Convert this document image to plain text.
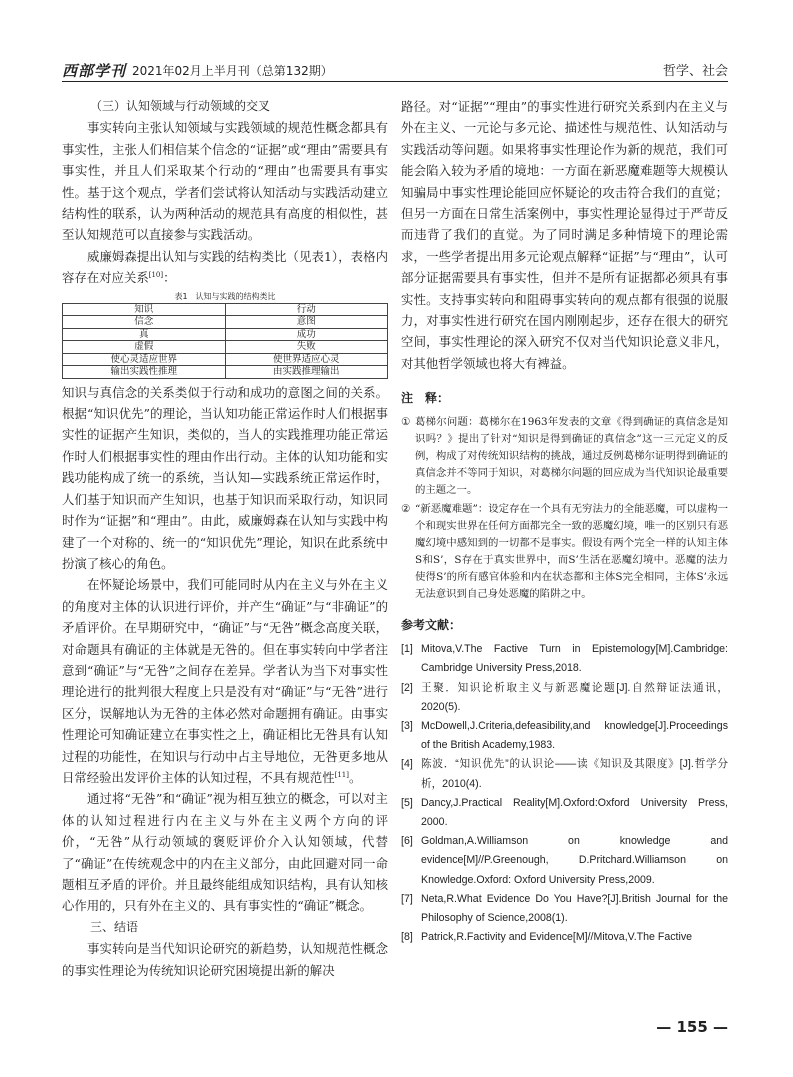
西部学刊 2021年02月上半月刊（总第132期）	哲学、社会
（三）认知领域与行动领域的交叉
事实转向主张认知领域与实践领域的规范性概念都具有事实性，主张人们相信某个信念的“证据”或“理由”需要具有事实性，并且人们采取某个行动的“理由”也需要具有事实性。基于这个观点，学者们尝试将认知活动与实践活动建立结构性的联系，认为两种活动的规范具有高度的相似性，甚至认知规范可以直接参与实践活动。
威廉姆森提出认知与实践的结构类比（见表1），表格内容存在对应关系[10]：
表1　认知与实践的结构类比
知识	行动
信念	意图
真	成功
虚假	失败
使心灵适应世界	使世界适应心灵
输出实践性推理	由实践推理输出
知识与真信念的关系类似于行动和成功的意图之间的关系。根据“知识优先”的理论，当认知功能正常运作时人们根据事实性的证据产生知识，类似的，当人的实践推理功能正常运作时人们根据事实性的理由作出行动。主体的认知功能和实践功能构成了统一的系统，当认知—实践系统正常运作时，人们基于知识而产生知识，也基于知识而采取行动，知识同时作为“证据”和“理由”。由此，威廉姆森在认知与实践中构建了一个对称的、统一的“知识优先”理论，知识在此系统中扮演了核心的角色。
在怀疑论场景中，我们可能同时从内在主义与外在主义的角度对主体的认识进行评价，并产生“确证”与“非确证”的矛盾评价。在早期研究中，“确证”与“无咎”概念高度关联，对命题具有确证的主体就是无咎的。但在事实转向中学者注意到“确证”与“无咎”之间存在差异。学者认为当下对事实性理论进行的批判很大程度上只是没有对“确证”与“无咎”进行区分，误解地认为无咎的主体必然对命题拥有确证。由事实性理论可知确证建立在事实性之上，确证相比无咎具有认知过程的功能性，在知识与行动中占主导地位，无咎更多地从日常经验出发评价主体的认知过程，不具有规范性[11]。
通过将“无咎”和“确证”视为相互独立的概念，可以对主体的认知过程进行内在主义与外在主义两个方向的评价，“无咎”从行动领域的褒贬评价介入认知领域，代替了“确证”在传统观念中的内在主义部分，由此回避对同一命题相互矛盾的评价。并且最终能组成知识结构，具有认知核心作用的，只有外在主义的、具有事实性的“确证”概念。
三、结语
事实转向是当代知识论研究的新趋势，认知规范性概念的事实性理论为传统知识论研究困境提出新的解决
路径。对“证据”“理由”的事实性进行研究关系到内在主义与外在主义、一元论与多元论、描述性与规范性、认知活动与实践活动等问题。如果将事实性理论作为新的规范，我们可能会陷入较为矛盾的境地：一方面在新恶魔难题等大规模认知骗局中事实性理论能回应怀疑论的攻击符合我们的直觉；但另一方面在日常生活案例中，事实性理论显得过于严苛反而违背了我们的直觉。为了同时满足多种情境下的理论需求，一些学者提出用多元论观点解释“证据”与“理由”，认可部分证据需要具有事实性，但并不是所有证据都必须具有事实性。支持事实转向和阻碍事实转向的观点都有很强的说服力，对事实性进行研究在国内刚刚起步，还存在很大的研究空间，事实性理论的深入研究不仅对当代知识论意义非凡，对其他哲学领域也将大有裨益。
注　释：
① 葛梯尔问题：葛梯尔在1963年发表的文章《得到确证的真信念是知识吗？》提出了针对“知识是得到确证的真信念”这一三元定义的反例，构成了对传统知识结构的挑战，通过反例葛梯尔证明得到确证的真信念并不等同于知识，对葛梯尔问题的回应成为当代知识论最重要的主题之一。
② “新恶魔难题”：设定存在一个具有无穷法力的全能恶魔，可以虚构一个和现实世界在任何方面都完全一致的恶魔幻境，唯一的区别只有恶魔幻境中感知到的一切都不是事实。假设有两个完全一样的认知主体S和S’，S存在于真实世界中，而S’生活在恶魔幻境中。恶魔的法力使得S’的所有感官体验和内在状态都和主体S完全相同，主体S’永远无法意识到自己身处恶魔的陷阱之中。
参考文献：
[1] Mitova,V.The Factive Turn in Epistemology[M].Cambridge: Cambridge University Press,2018.
[2] 王聚．知识论析取主义与新恶魔论题[J].自然辩证法通讯，2020(5).
[3] McDowell,J.Criteria,defeasibility,and knowledge[J].Proceedings of the British Academy,1983.
[4] 陈波．“知识优先”的认识论——读《知识及其限度》[J].哲学分析，2010(4).
[5] Dancy,J.Practical Reality[M].Oxford:Oxford University Press, 2000.
[6] Goldman,A.Williamson on knowledge and evidence[M]//P.Greenough, D.Pritchard.Williamson on Knowledge.Oxford: Oxford University Press,2009.
[7] Neta,R.What Evidence Do You Have?[J].British Journal for the Philosophy of Science,2008(1).
[8] Patrick,R.Factivity and Evidence[M]//Mitova,V.The Factive
— 155 —
